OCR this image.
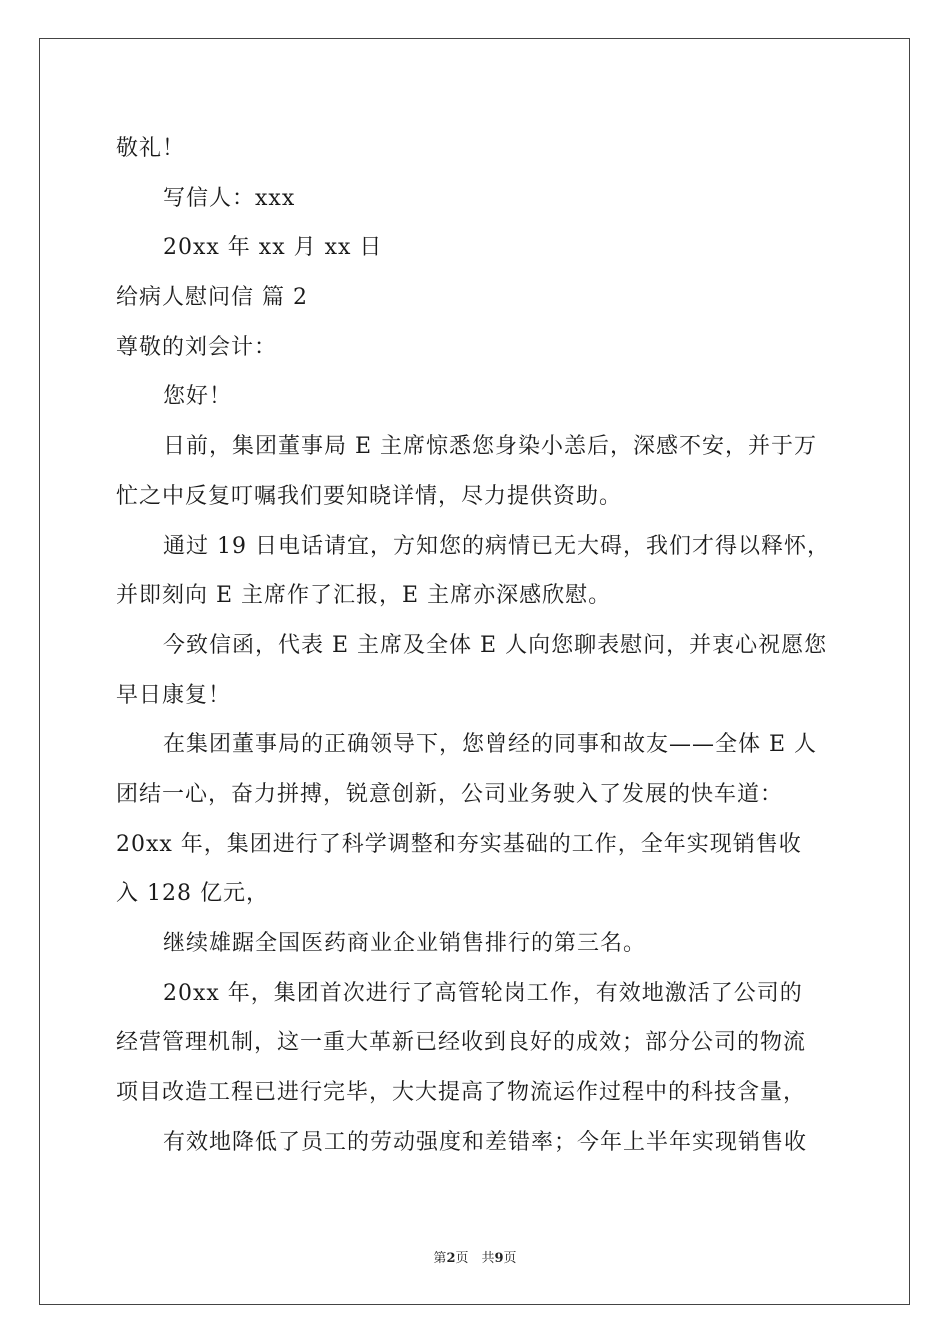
敬礼！
写信人：xxx
20xx 年 xx 月 xx 日
给病人慰问信 篇 2
尊敬的刘会计：
您好！
日前，集团董事局 E 主席惊悉您身染小恙后，深感不安，并于万
忙之中反复叮嘱我们要知晓详情，尽力提供资助。
通过 19 日电话请宜，方知您的病情已无大碍，我们才得以释怀，
并即刻向 E 主席作了汇报，E 主席亦深感欣慰。
今致信函，代表 E 主席及全体 E 人向您聊表慰问，并衷心祝愿您
早日康复！
在集团董事局的正确领导下，您曾经的同事和故友——全体 E 人
团结一心，奋力拼搏，锐意创新，公司业务驶入了发展的快车道：
20xx 年，集团进行了科学调整和夯实基础的工作，全年实现销售收
入 128 亿元，
继续雄踞全国医药商业企业销售排行的第三名。
20xx 年，集团首次进行了高管轮岗工作，有效地激活了公司的
经营管理机制，这一重大革新已经收到良好的成效；部分公司的物流
项目改造工程已进行完毕，大大提高了物流运作过程中的科技含量，
有效地降低了员工的劳动强度和差错率；今年上半年实现销售收
第2页　共9页
